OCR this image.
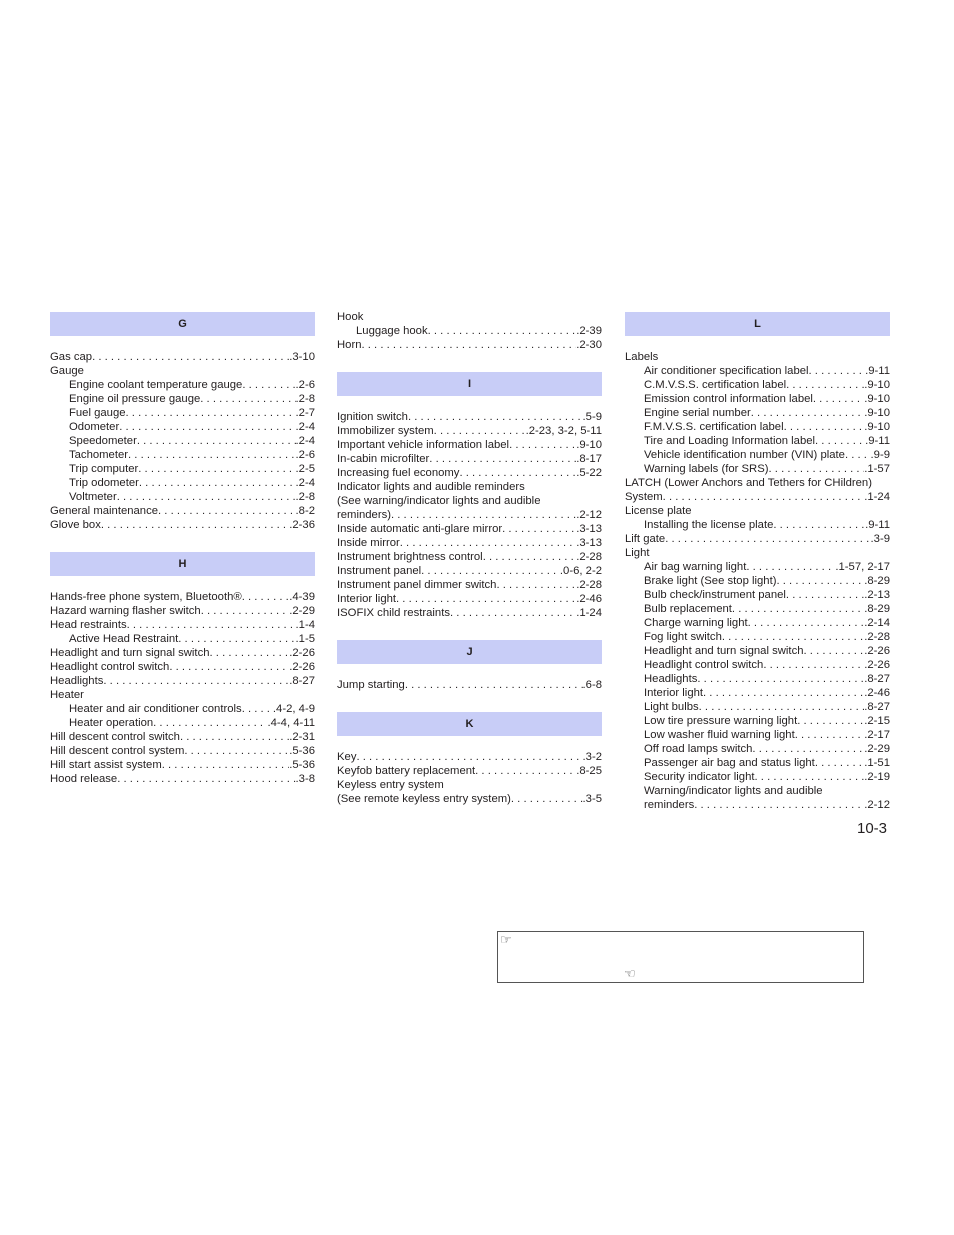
G
Gas cap . . .	.3-10
Gauge
Engine coolant temperature gauge . . .	.2-6
Engine oil pressure gauge . . .	.2-8
Fuel gauge . . .	.2-7
Odometer . . .	.2-4
Speedometer . . .	.2-4
Tachometer . . .	.2-6
Trip computer . . .	.2-5
Trip odometer . . .	.2-4
Voltmeter . . .	.2-8
General maintenance . . .	.8-2
Glove box . . .	.2-36
H
Hands-free phone system, Bluetooth® . . .	.4-39
Hazard warning flasher switch . . .	.2-29
Head restraints . . .	.1-4
Active Head Restraint . . .	.1-5
Headlight and turn signal switch . . .	.2-26
Headlight control switch . . .	.2-26
Headlights . . .	.8-27
Heater
Heater and air conditioner controls . . .	.4-2, 4-9
Heater operation . . .	.4-4, 4-11
Hill descent control switch . . .	.2-31
Hill descent control system . . .	.5-36
Hill start assist system . . .	.5-36
Hood release . . .	.3-8
Hook
Luggage hook . . .	.2-39
Horn . . .	.2-30
I
Ignition switch . . .	.5-9
Immobilizer system . . .	.2-23, 3-2, 5-11
Important vehicle information label . . .	.9-10
In-cabin microfilter . . .	.8-17
Increasing fuel economy . . .	.5-22
Indicator lights and audible reminders
(See warning/indicator lights and audible
reminders) . . .	.2-12
Inside automatic anti-glare mirror . . .	.3-13
Inside mirror . . .	.3-13
Instrument brightness control . . .	.2-28
Instrument panel . . .	.0-6, 2-2
Instrument panel dimmer switch . . .	.2-28
Interior light . . .	.2-46
ISOFIX child restraints . . .	.1-24
J
Jump starting . . .	.6-8
K
Key . . .	.3-2
Keyfob battery replacement . . .	.8-25
Keyless entry system
(See remote keyless entry system) . . .	.3-5
L
Labels
Air conditioner specification label . . .	.9-11
C.M.V.S.S. certification label . . .	.9-10
Emission control information label . . .	.9-10
Engine serial number . . .	.9-10
F.M.V.S.S. certification label . . .	.9-10
Tire and Loading Information label . . .	.9-11
Vehicle identification number (VIN) plate . . . .9-9
Warning labels (for SRS) . . .	.1-57
LATCH (Lower Anchors and Tethers for CHildren)
System . . .	.1-24
License plate
Installing the license plate . . .	.9-11
Lift gate . . .	.3-9
Light
Air bag warning light . . .	.1-57, 2-17
Brake light (See stop light) . . .	.8-29
Bulb check/instrument panel . . .	.2-13
Bulb replacement . . .	.8-29
Charge warning light . . .	.2-14
Fog light switch . . .	.2-28
Headlight and turn signal switch . . .	.2-26
Headlight control switch . . .	.2-26
Headlights . . .	.8-27
Interior light . . .	.2-46
Light bulbs . . .	.8-27
Low tire pressure warning light . . .	.2-15
Low washer fluid warning light . . .	.2-17
Off road lamps switch . . .	.2-29
Passenger air bag and status light . . .	.1-51
Security indicator light . . .	.2-19
Warning/indicator lights and audible
reminders . . .	.2-12
10-3
☞
☜
